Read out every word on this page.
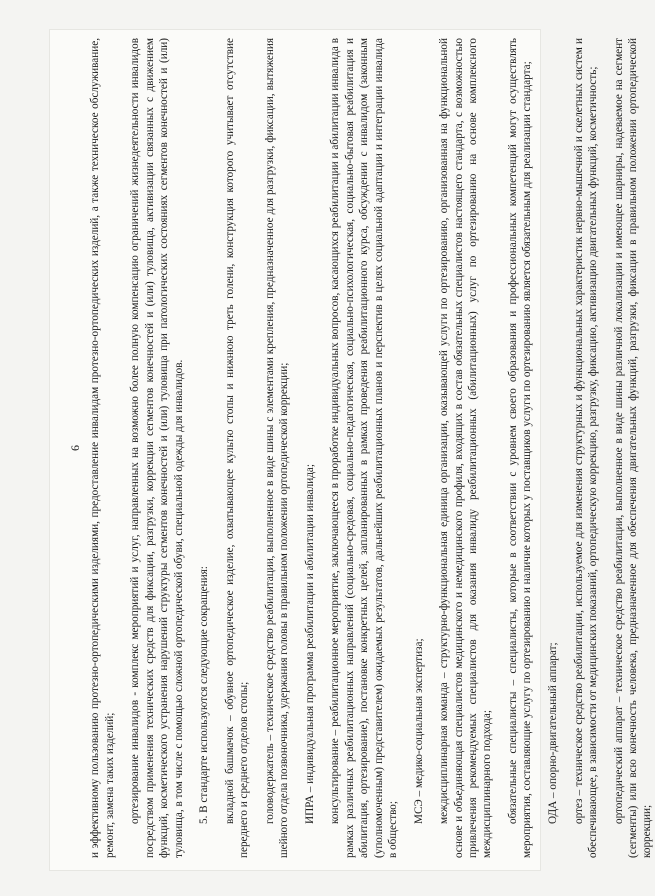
6 и эффективному пользованию протезно-ортопедическими изделиями, предоставление инвалидам протезно-ортопедических изделий, а также техническое обслуживание, ремонт, замена таких изделий; ортезирование инвалидов - комплекс мероприятий и услуг, направленных на возможно более полную компенсацию ограничений жизнедеятельности инвалидов посредством применения технических средств для фиксации, разгрузки, коррекции сегментов конечностей и (или) туловища, активизации связанных с движением функций, косметического устранения нарушений структуры сегментов конечностей и (или) туловища при патологических состояниях сегментов конечностей и (или) туловища, в том числе с помощью сложной ортопедической обуви, специальной одежды для инвалидов. 5. В стандарте используются следующие сокращения: вкладной башмачок – обувное ортопедическое изделие, охватывающее культю стопы и нижнюю треть голени, конструкция которого учитывает отсутствие переднего и среднего отделов стопы; головодержатель – техническое средство реабилитации, выполненное в виде шины с элементами крепления, предназначенное для разгрузки, фиксации, вытяжения шейного отдела позвоночника, удержания головы в правильном положении ортопедической коррекции; ИПРА – индивидуальная программа реабилитации и абилитации инвалида; консультирование – реабилитационное мероприятие, заключающееся в проработке индивидуальных вопросов, касающихся реабилитации и абилитации инвалида в рамках различных реабилитационных направлений (социально-средовая, социально-педагогическая, социально-психологическая, социально-бытовая реабилитация и абилитация, ортезирование), постановке конкретных целей, запланированных в рамках проведения реабилитационного курса, обсуждении с инвалидом (законным (уполномоченным) представителем) ожидаемых результатов, дальнейших реабилитационных планов и перспектив в целях социальной адаптации и интеграции инвалида в общество;

МСЭ – медико-социальная экспертиза; междисциплинарная команда – структурно-функциональная единица организации, оказывающей услуги по ортезированию, организованная на функциональной основе и объединяющая специалистов медицинского и немедицинского профиля, входящих в состав обязательных специалистов настоящего стандарта, с возможностью привлечения рекомендуемых специалистов для оказания инвалиду реабилитационных (абилитационных) услуг по ортезированию на основе комплексного междисциплинарного подхода; обязательные специалисты – специалисты, которые в соответствии с уровнем своего образования и профессиональных компетенций могут осуществлять мероприятия, составляющие услугу по ортезированию и наличие которых у поставщиков услуги по ортезированию является обязательным для реализации стандарта; ОДА – опорно-двигательный аппарат; ортез – техническое средство реабилитации, используемое для изменения структурных и функциональных характеристик нервно-мышечной и скелетных систем и обеспечивающее, в зависимости от медицинских показаний, ортопедическую коррекцию, разгрузку, фиксацию, активизацию двигательных функций, косметичность; ортопедический аппарат – техническое средство реабилитации, выполненное в виде шины различной локализации и имеющее шарниры, надеваемое на сегмент (сегменты) или всю конечность человека, предназначенное для обеспечения двигательных функций, разгрузки, фиксации в правильном положении ортопедической коррекции;
